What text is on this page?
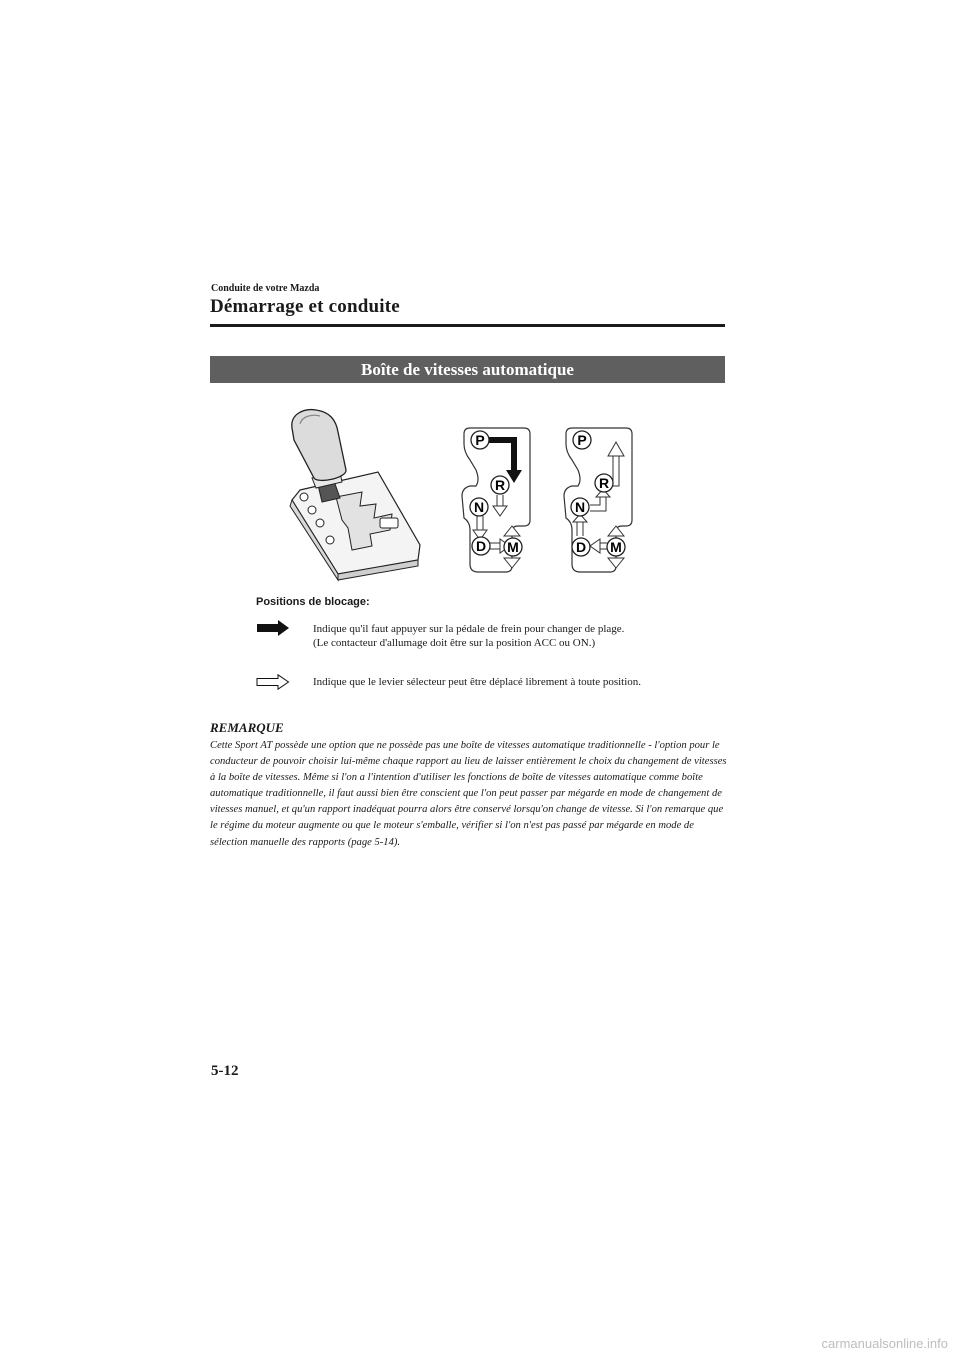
Conduite de votre Mazda
Démarrage et conduite
Boîte de vitesses automatique
P
R
N
D M
P
R
N
D M
Positions de blocage:
Indique qu'il faut appuyer sur la pédale de frein pour changer de plage.
(Le contacteur d'allumage doit être sur la position ACC ou ON.)
Indique que le levier sélecteur peut être déplacé librement à toute position.
REMARQUE
Cette Sport AT possède une option que ne possède pas une boîte de vitesses automatique traditionnelle - l'option pour le conducteur de pouvoir choisir lui-même chaque rapport au lieu de laisser entièrement le choix du changement de vitesses à la boîte de vitesses. Même si l'on a l'intention d'utiliser les fonctions de boîte de vitesses automatique comme boîte automatique traditionnelle, il faut aussi bien être conscient que l'on peut passer par mégarde en mode de changement de vitesses manuel, et qu'un rapport inadéquat pourra alors être conservé lorsqu'on change de vitesse. Si l'on remarque que le régime du moteur augmente ou que le moteur s'emballe, vérifier si l'on n'est pas passé par mégarde en mode de sélection manuelle des rapports (page 5-14).
5-12
carmanualsonline.info
